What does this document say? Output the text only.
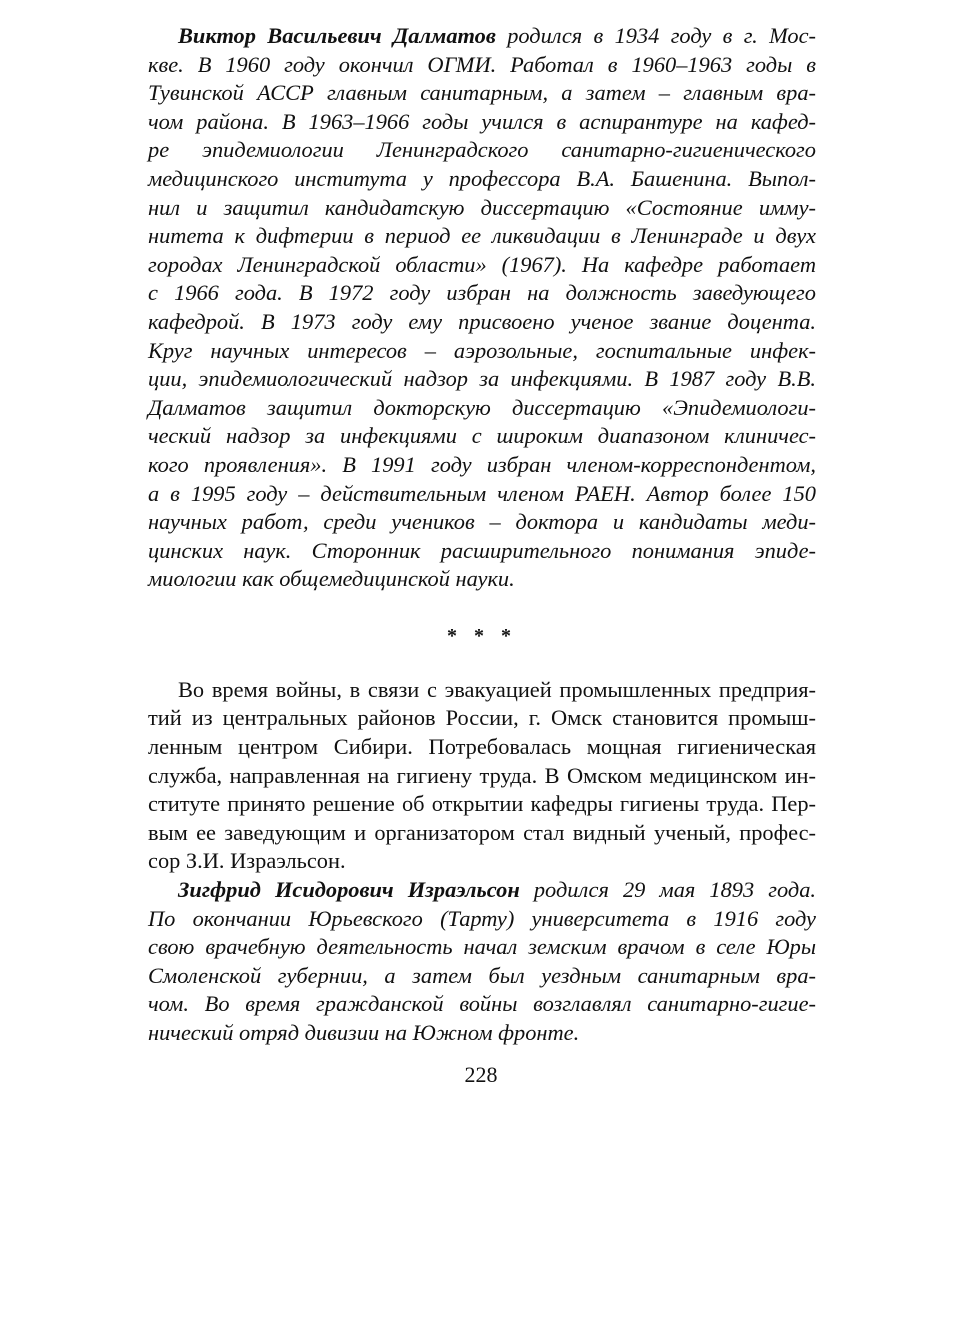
Виктор Васильевич Далматов родился в 1934 году в г. Мос-
кве. В 1960 году окончил ОГМИ. Работал в 1960–1963 годы в
Тувинской АССР главным санитарным, а затем – главным вра-
чом района. В 1963–1966 годы учился в аспирантуре на кафед-
ре эпидемиологии Ленинградского санитарно-гигиенического
медицинского института у профессора В.А. Башенина. Выпол-
нил и защитил кандидатскую диссертацию «Состояние имму-
нитета к дифтерии в период ее ликвидации в Ленинграде и двух
городах Ленинградской области» (1967). На кафедре работает
с 1966 года. В 1972 году избран на должность заведующего
кафедрой. В 1973 году ему присвоено ученое звание доцента.
Круг научных интересов – аэрозольные, госпитальные инфек-
ции, эпидемиологический надзор за инфекциями. В 1987 году В.В.
Далматов защитил докторскую диссертацию «Эпидемиологи-
ческий надзор за инфекциями с широким диапазоном клиничес-
кого проявления». В 1991 году избран членом-корреспондентом,
а в 1995 году – действительным членом РАЕН. Автор более 150
научных работ, среди учеников – доктора и кандидаты меди-
цинских наук. Сторонник расширительного понимания эпиде-
миологии как общемедицинской науки.
* * *
Во время войны, в связи с эвакуацией промышленных предприя-
тий из центральных районов России, г. Омск становится промыш-
ленным центром Сибири. Потребовалась мощная гигиеническая
служба, направленная на гигиену труда. В Омском медицинском ин-
ституте принято решение об открытии кафедры гигиены труда. Пер-
вым ее заведующим и организатором стал видный ученый, профес-
сор З.И. Израэльсон.
Зигфрид Исидорович Израэльсон родился 29 мая 1893 года.
По окончании Юрьевского (Тарту) университета в 1916 году
свою врачебную деятельность начал земским врачом в селе Юры
Смоленской губернии, а затем был уездным санитарным вра-
чом. Во время гражданской войны возглавлял санитарно-гигие-
нический отряд дивизии на Южном фронте.
228
